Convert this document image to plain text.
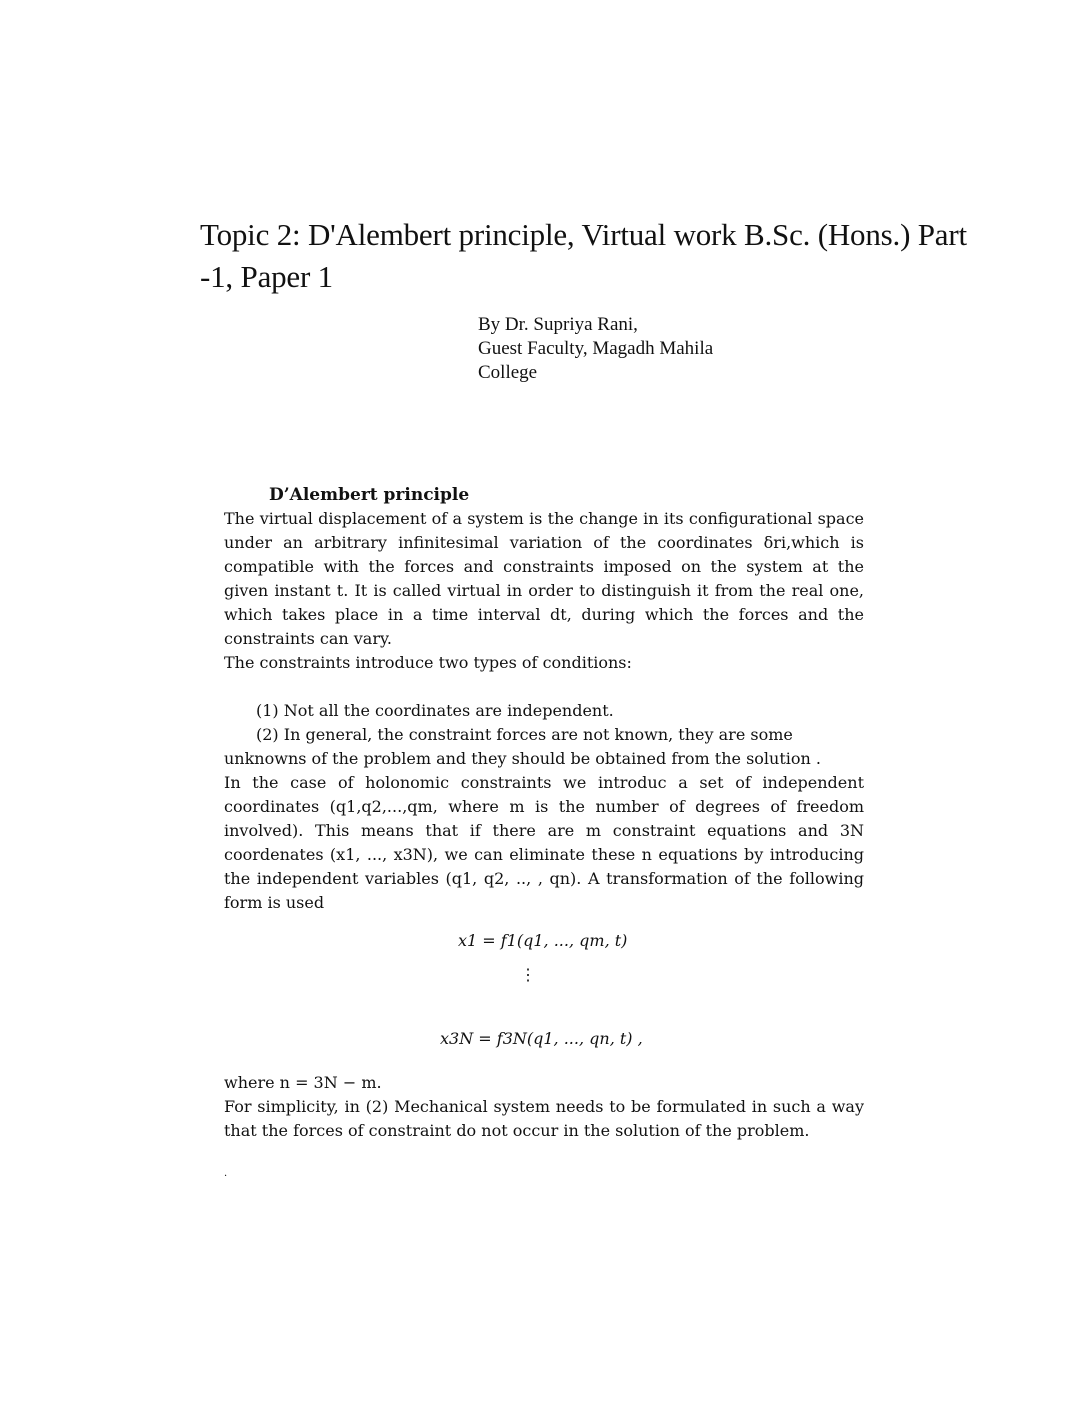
Topic 2: D'Alembert principle, Virtual work B.Sc. (Hons.) Part -1, Paper 1
By Dr. Supriya Rani,
Guest Faculty, Magadh Mahila
College
D’Alembert principle

The virtual displacement of a system is the change in its configurational space under an arbitrary infinitesimal variation of the coordinates δri,which is compatible with the forces and constraints imposed on the system at the given instant t. It is called virtual in order to distinguish it from the real one, which takes place in a time interval dt, during which the forces and the constraints can vary.

The constraints introduce two types of conditions:

(1) Not all the coordinates are independent.

(2) In general, the constraint forces are not known, they are some unknowns of the problem and they should be obtained from the solution .

In the case of holonomic constraints we introduc a set of independent coordinates (q1,q2,...,qm, where m is the number of degrees of freedom involved). This means that if there are m constraint equations and 3N coordenates (x1, ..., x3N), we can eliminate these n equations by introducing the independent variables (q1, q2, .., , qn). A transformation of the following form is used

x1 = f1(q1, ..., qm, t)
⋮
x3N = f3N(q1, ..., qn, t) ,

where n = 3N − m.

For simplicity, in (2) Mechanical system needs to be formulated in such a way that the forces of constraint do not occur in the solution of the problem.

·
